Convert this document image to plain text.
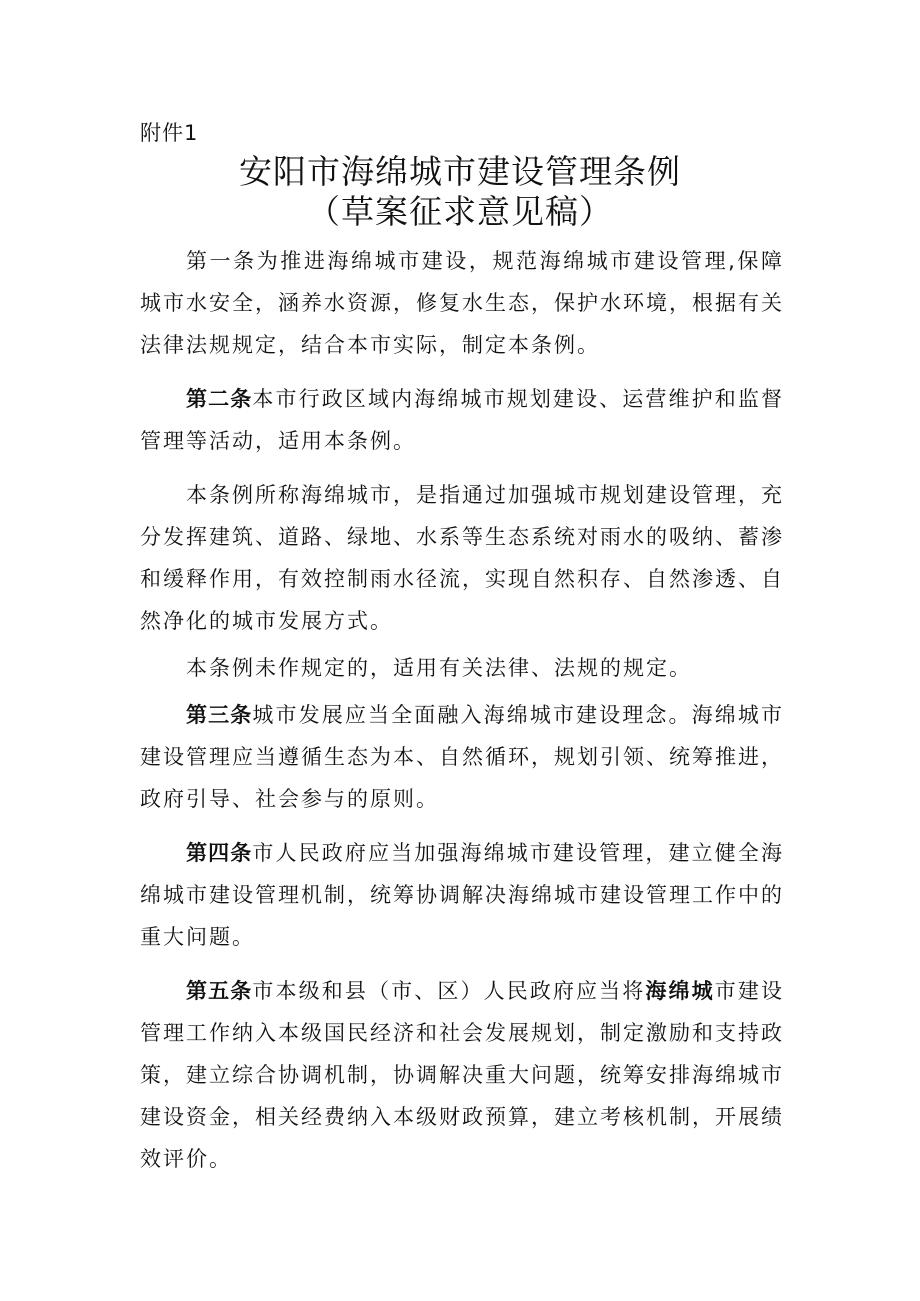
附件1
安阳市海绵城市建设管理条例
（草案征求意见稿）

第一条为推进海绵城市建设，规范海绵城市建设管理,保障城市水安全，涵养水资源，修复水生态，保护水环境，根据有关法律法规规定，结合本市实际，制定本条例。

第二条本市行政区域内海绵城市规划建设、运营维护和监督管理等活动，适用本条例。

本条例所称海绵城市，是指通过加强城市规划建设管理，充分发挥建筑、道路、绿地、水系等生态系统对雨水的吸纳、蓄渗和缓释作用，有效控制雨水径流，实现自然积存、自然渗透、自然净化的城市发展方式。

本条例未作规定的，适用有关法律、法规的规定。

第三条城市发展应当全面融入海绵城市建设理念。海绵城市建设管理应当遵循生态为本、自然循环，规划引领、统筹推进，政府引导、社会参与的原则。

第四条市人民政府应当加强海绵城市建设管理，建立健全海绵城市建设管理机制，统筹协调解决海绵城市建设管理工作中的重大问题。

第五条市本级和县（市、区）人民政府应当将海绵城市建设管理工作纳入本级国民经济和社会发展规划，制定激励和支持政策，建立综合协调机制，协调解决重大问题，统筹安排海绵城市建设资金，相关经费纳入本级财政预算，建立考核机制，开展绩效评价。
